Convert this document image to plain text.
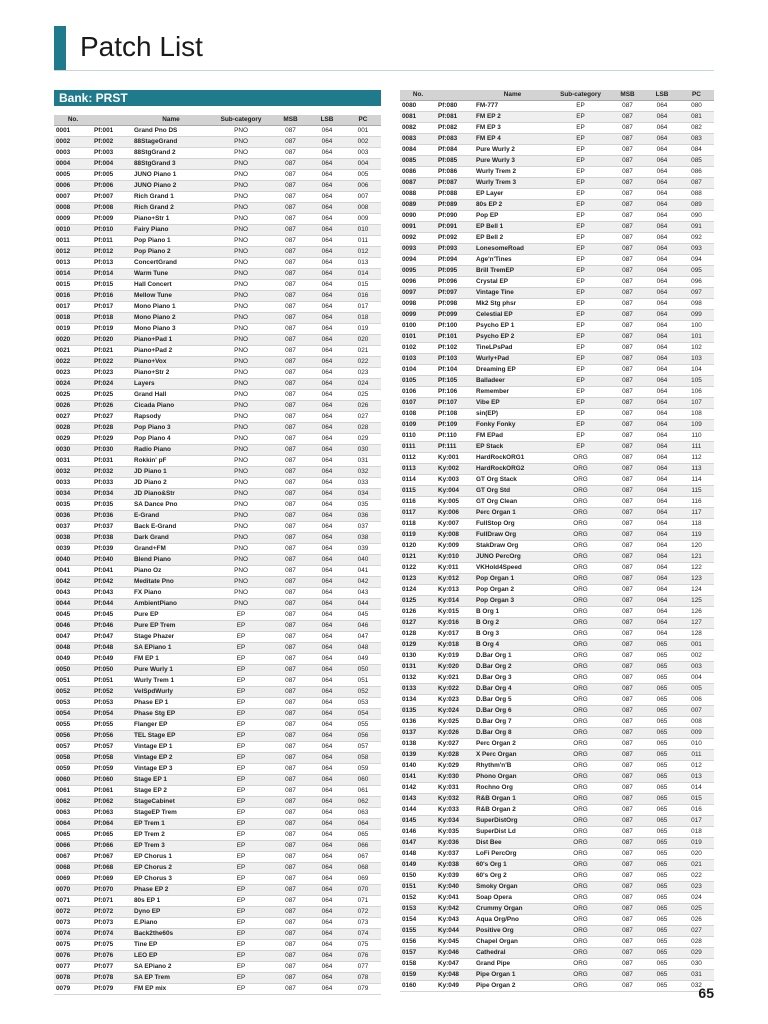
Patch List
Bank: PRST
No.		Name	Sub-category	MSB	LSB	PC
0001	Pf:001	Grand Pno DS	PNO	087	064	001
0002	Pf:002	88StageGrand	PNO	087	064	002
0003	Pf:003	88StgGrand 2	PNO	087	064	003
0004	Pf:004	88StgGrand 3	PNO	087	064	004
0005	Pf:005	JUNO Piano 1	PNO	087	064	005
0006	Pf:006	JUNO Piano 2	PNO	087	064	006
0007	Pf:007	Rich Grand 1	PNO	087	064	007
0008	Pf:008	Rich Grand 2	PNO	087	064	008
0009	Pf:009	Piano+Str 1	PNO	087	064	009
0010	Pf:010	Fairy Piano	PNO	087	064	010
0011	Pf:011	Pop Piano 1	PNO	087	064	011
0012	Pf:012	Pop Piano 2	PNO	087	064	012
0013	Pf:013	ConcertGrand	PNO	087	064	013
0014	Pf:014	Warm Tune	PNO	087	064	014
0015	Pf:015	Hall Concert	PNO	087	064	015
0016	Pf:016	Mellow Tune	PNO	087	064	016
0017	Pf:017	Mono Piano 1	PNO	087	064	017
0018	Pf:018	Mono Piano 2	PNO	087	064	018
0019	Pf:019	Mono Piano 3	PNO	087	064	019
0020	Pf:020	Piano+Pad 1	PNO	087	064	020
0021	Pf:021	Piano+Pad 2	PNO	087	064	021
0022	Pf:022	Piano+Vox	PNO	087	064	022
0023	Pf:023	Piano+Str 2	PNO	087	064	023
0024	Pf:024	Layers	PNO	087	064	024
0025	Pf:025	Grand Hall	PNO	087	064	025
0026	Pf:026	Cicada Piano	PNO	087	064	026
0027	Pf:027	Rapsody	PNO	087	064	027
0028	Pf:028	Pop Piano 3	PNO	087	064	028
0029	Pf:029	Pop Piano 4	PNO	087	064	029
0030	Pf:030	Radio Piano	PNO	087	064	030
0031	Pf:031	Rokkin' pF	PNO	087	064	031
0032	Pf:032	JD Piano 1	PNO	087	064	032
0033	Pf:033	JD Piano 2	PNO	087	064	033
0034	Pf:034	JD Piano&Str	PNO	087	064	034
0035	Pf:035	SA Dance Pno	PNO	087	064	035
0036	Pf:036	E-Grand	PNO	087	064	036
0037	Pf:037	Back E-Grand	PNO	087	064	037
0038	Pf:038	Dark Grand	PNO	087	064	038
0039	Pf:039	Grand+FM	PNO	087	064	039
0040	Pf:040	Blend Piano	PNO	087	064	040
0041	Pf:041	Piano Oz	PNO	087	064	041
0042	Pf:042	Meditate Pno	PNO	087	064	042
0043	Pf:043	FX Piano	PNO	087	064	043
0044	Pf:044	AmbientPiano	PNO	087	064	044
0045	Pf:045	Pure EP	EP	087	064	045
0046	Pf:046	Pure EP Trem	EP	087	064	046
0047	Pf:047	Stage Phazer	EP	087	064	047
0048	Pf:048	SA EPiano 1	EP	087	064	048
0049	Pf:049	FM EP 1	EP	087	064	049
0050	Pf:050	Pure Wurly 1	EP	087	064	050
0051	Pf:051	Wurly Trem 1	EP	087	064	051
0052	Pf:052	VelSpdWurly	EP	087	064	052
0053	Pf:053	Phase EP 1	EP	087	064	053
0054	Pf:054	Phase Stg EP	EP	087	064	054
0055	Pf:055	Flanger EP	EP	087	064	055
0056	Pf:056	TEL Stage EP	EP	087	064	056
0057	Pf:057	Vintage EP 1	EP	087	064	057
0058	Pf:058	Vintage EP 2	EP	087	064	058
0059	Pf:059	Vintage EP 3	EP	087	064	059
0060	Pf:060	Stage EP 1	EP	087	064	060
0061	Pf:061	Stage EP 2	EP	087	064	061
0062	Pf:062	StageCabinet	EP	087	064	062
0063	Pf:063	StageEP Trem	EP	087	064	063
0064	Pf:064	EP Trem 1	EP	087	064	064
0065	Pf:065	EP Trem 2	EP	087	064	065
0066	Pf:066	EP Trem 3	EP	087	064	066
0067	Pf:067	EP Chorus 1	EP	087	064	067
0068	Pf:068	EP Chorus 2	EP	087	064	068
0069	Pf:069	EP Chorus 3	EP	087	064	069
0070	Pf:070	Phase EP 2	EP	087	064	070
0071	Pf:071	80s EP 1	EP	087	064	071
0072	Pf:072	Dyno EP	EP	087	064	072
0073	Pf:073	E.Piano	EP	087	064	073
0074	Pf:074	Back2the60s	EP	087	064	074
0075	Pf:075	Tine EP	EP	087	064	075
0076	Pf:076	LEO EP	EP	087	064	076
0077	Pf:077	SA EPiano 2	EP	087	064	077
0078	Pf:078	SA EP Trem	EP	087	064	078
0079	Pf:079	FM EP mix	EP	087	064	079
No.		Name	Sub-category	MSB	LSB	PC
0080	Pf:080	FM-777	EP	087	064	080
0081	Pf:081	FM EP 2	EP	087	064	081
0082	Pf:082	FM EP 3	EP	087	064	082
0083	Pf:083	FM EP 4	EP	087	064	083
0084	Pf:084	Pure Wurly 2	EP	087	064	084
0085	Pf:085	Pure Wurly 3	EP	087	064	085
0086	Pf:086	Wurly Trem 2	EP	087	064	086
0087	Pf:087	Wurly Trem 3	EP	087	064	087
0088	Pf:088	EP Layer	EP	087	064	088
0089	Pf:089	80s EP 2	EP	087	064	089
0090	Pf:090	Pop EP	EP	087	064	090
0091	Pf:091	EP Bell 1	EP	087	064	091
0092	Pf:092	EP Bell 2	EP	087	064	092
0093	Pf:093	LonesomeRoad	EP	087	064	093
0094	Pf:094	Age'n'Tines	EP	087	064	094
0095	Pf:095	Brill TremEP	EP	087	064	095
0096	Pf:096	Crystal EP	EP	087	064	096
0097	Pf:097	Vintage Tine	EP	087	064	097
0098	Pf:098	Mk2 Stg phsr	EP	087	064	098
0099	Pf:099	Celestial EP	EP	087	064	099
0100	Pf:100	Psycho EP 1	EP	087	064	100
0101	Pf:101	Psycho EP 2	EP	087	064	101
0102	Pf:102	TineLPsPad	EP	087	064	102
0103	Pf:103	Wurly+Pad	EP	087	064	103
0104	Pf:104	Dreaming EP	EP	087	064	104
0105	Pf:105	Balladeer	EP	087	064	105
0106	Pf:106	Remember	EP	087	064	106
0107	Pf:107	Vibe EP	EP	087	064	107
0108	Pf:108	sin(EP)	EP	087	064	108
0109	Pf:109	Fonky Fonky	EP	087	064	109
0110	Pf:110	FM EPad	EP	087	064	110
0111	Pf:111	EP Stack	EP	087	064	111
0112	Ky:001	HardRockORG1	ORG	087	064	112
0113	Ky:002	HardRockORG2	ORG	087	064	113
0114	Ky:003	GT Org Stack	ORG	087	064	114
0115	Ky:004	GT Org Std	ORG	087	064	115
0116	Ky:005	GT Org Clean	ORG	087	064	116
0117	Ky:006	Perc Organ 1	ORG	087	064	117
0118	Ky:007	FullStop Org	ORG	087	064	118
0119	Ky:008	FullDraw Org	ORG	087	064	119
0120	Ky:009	StakDraw Org	ORG	087	064	120
0121	Ky:010	JUNO PercOrg	ORG	087	064	121
0122	Ky:011	VKHold4Speed	ORG	087	064	122
0123	Ky:012	Pop Organ 1	ORG	087	064	123
0124	Ky:013	Pop Organ 2	ORG	087	064	124
0125	Ky:014	Pop Organ 3	ORG	087	064	125
0126	Ky:015	B Org 1	ORG	087	064	126
0127	Ky:016	B Org 2	ORG	087	064	127
0128	Ky:017	B Org 3	ORG	087	064	128
0129	Ky:018	B Org 4	ORG	087	065	001
0130	Ky:019	D.Bar Org 1	ORG	087	065	002
0131	Ky:020	D.Bar Org 2	ORG	087	065	003
0132	Ky:021	D.Bar Org 3	ORG	087	065	004
0133	Ky:022	D.Bar Org 4	ORG	087	065	005
0134	Ky:023	D.Bar Org 5	ORG	087	065	006
0135	Ky:024	D.Bar Org 6	ORG	087	065	007
0136	Ky:025	D.Bar Org 7	ORG	087	065	008
0137	Ky:026	D.Bar Org 8	ORG	087	065	009
0138	Ky:027	Perc Organ 2	ORG	087	065	010
0139	Ky:028	X Perc Organ	ORG	087	065	011
0140	Ky:029	Rhythm'n'B	ORG	087	065	012
0141	Ky:030	Phono Organ	ORG	087	065	013
0142	Ky:031	Rochno Org	ORG	087	065	014
0143	Ky:032	R&B Organ 1	ORG	087	065	015
0144	Ky:033	R&B Organ 2	ORG	087	065	016
0145	Ky:034	SuperDistOrg	ORG	087	065	017
0146	Ky:035	SuperDist Ld	ORG	087	065	018
0147	Ky:036	Dist Bee	ORG	087	065	019
0148	Ky:037	LoFi PercOrg	ORG	087	065	020
0149	Ky:038	60's Org 1	ORG	087	065	021
0150	Ky:039	60's Org 2	ORG	087	065	022
0151	Ky:040	Smoky Organ	ORG	087	065	023
0152	Ky:041	Soap Opera	ORG	087	065	024
0153	Ky:042	Crummy Organ	ORG	087	065	025
0154	Ky:043	Aqua Org/Pno	ORG	087	065	026
0155	Ky:044	Positive Org	ORG	087	065	027
0156	Ky:045	Chapel Organ	ORG	087	065	028
0157	Ky:046	Cathedral	ORG	087	065	029
0158	Ky:047	Grand Pipe	ORG	087	065	030
0159	Ky:048	Pipe Organ 1	ORG	087	065	031
0160	Ky:049	Pipe Organ 2	ORG	087	065	032
65
